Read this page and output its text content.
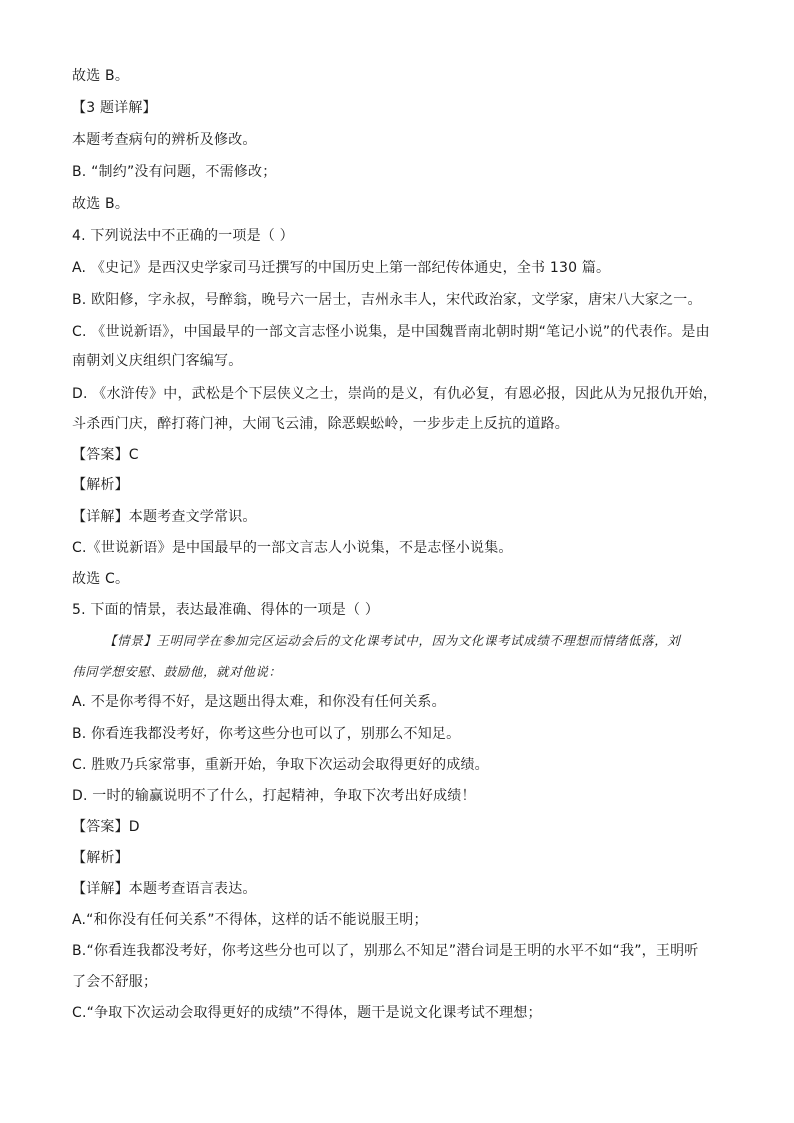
故选 B。
【3 题详解】
本题考查病句的辨析及修改。
B. “制约”没有问题，不需修改；
故选 B。
4. 下列说法中不正确的一项是（ ）
A. 《史记》是西汉史学家司马迁撰写的中国历史上第一部纪传体通史，全书 130 篇。
B. 欧阳修，字永叔，号醉翁，晚号六一居士，吉州永丰人，宋代政治家，文学家，唐宋八大家之一。
C. 《世说新语》，中国最早的一部文言志怪小说集，是中国魏晋南北朝时期“笔记小说”的代表作。是由
南朝刘义庆组织门客编写。
D. 《水浒传》中，武松是个下层侠义之士，崇尚的是义，有仇必复，有恩必报，因此从为兄报仇开始，
斗杀西门庆，醉打蒋门神，大闹飞云浦，除恶蜈蚣岭，一步步走上反抗的道路。
【答案】C
【解析】
【详解】本题考查文学常识。
C.《世说新语》是中国最早的一部文言志人小说集，不是志怪小说集。
故选 C。
5. 下面的情景，表达最准确、得体的一项是（ ）
【情景】王明同学在参加完区运动会后的文化课考试中，因为文化课考试成绩不理想而情绪低落，刘
伟同学想安慰、鼓励他，就对他说：
A. 不是你考得不好，是这题出得太难，和你没有任何关系。
B. 你看连我都没考好，你考这些分也可以了，别那么不知足。
C. 胜败乃兵家常事，重新开始，争取下次运动会取得更好的成绩。
D. 一时的输赢说明不了什么，打起精神，争取下次考出好成绩！
【答案】D
【解析】
【详解】本题考查语言表达。
A.“和你没有任何关系”不得体，这样的话不能说服王明；
B.“你看连我都没考好，你考这些分也可以了，别那么不知足”潜台词是王明的水平不如“我”，王明听
了会不舒服；
C.“争取下次运动会取得更好的成绩”不得体，题干是说文化课考试不理想；
